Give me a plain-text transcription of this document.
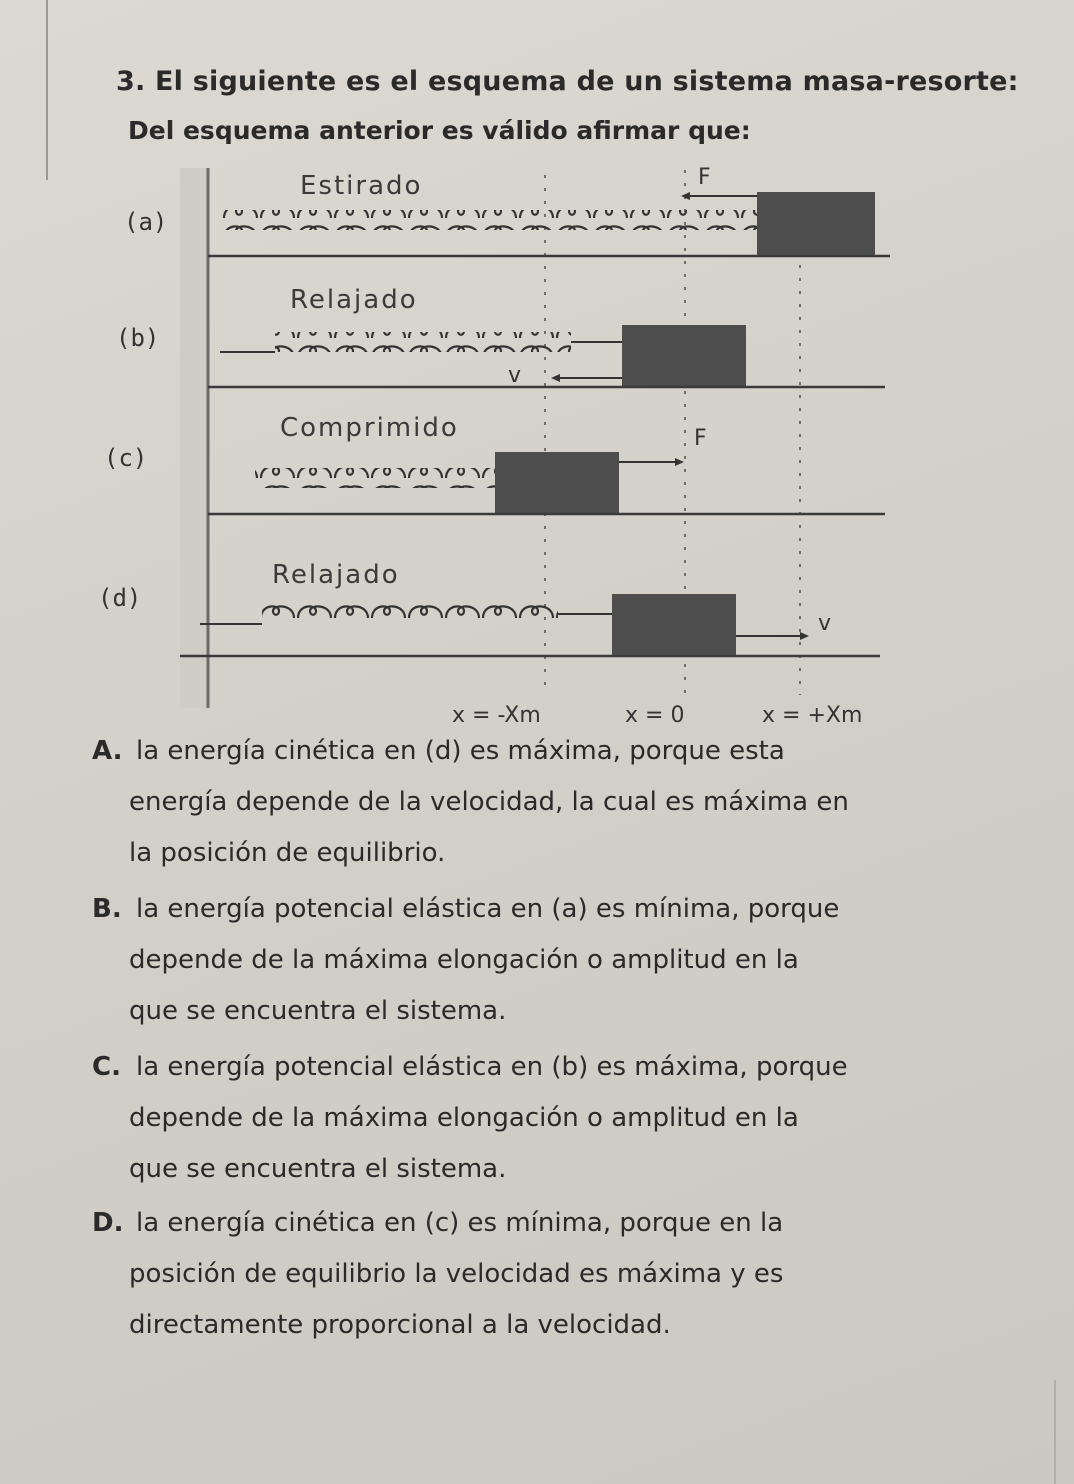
3. El siguiente es el esquema de un sistema masa-resorte:
Del esquema anterior es válido afirmar que:
(a)
Estirado	F
(b)
Relajado
v
(c)
Comprimido	F
(d)
Relajado
v
x = -Xm	x = 0	x = +Xm
A. la energía cinética en (d) es máxima, porque esta
energía depende de la velocidad, la cual es máxima en
la posición de equilibrio.
B. la energía potencial elástica en (a) es mínima, porque
depende de la máxima elongación o amplitud en la
que se encuentra el sistema.
C. la energía potencial elástica en (b) es máxima, porque
depende de la máxima elongación o amplitud en la
que se encuentra el sistema.
D. la energía cinética en (c) es mínima, porque en la
posición de equilibrio la velocidad es máxima y es
directamente proporcional a la velocidad.
